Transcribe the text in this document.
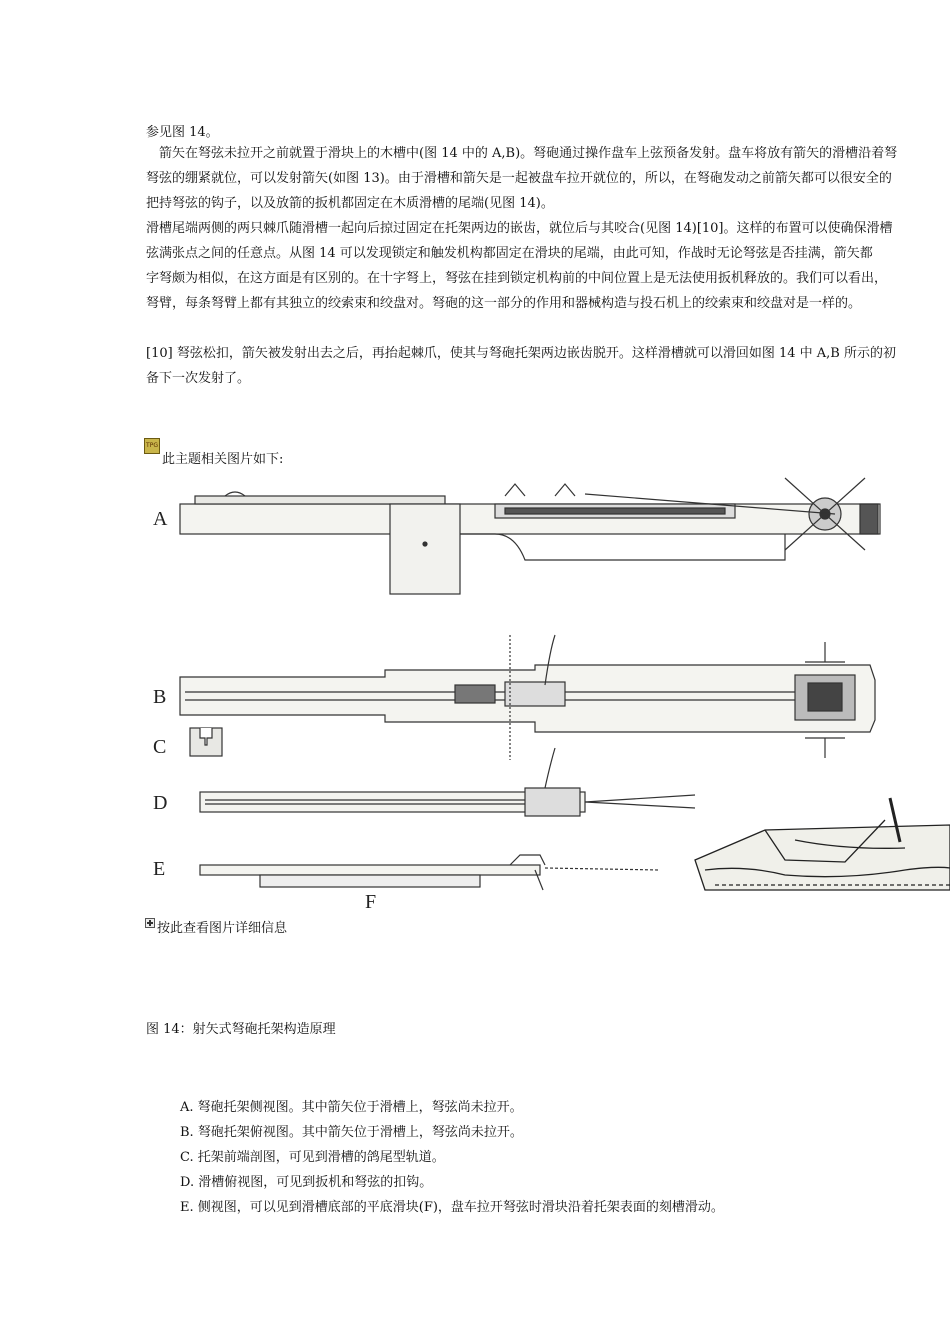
参见图 14。
　箭矢在弩弦未拉开之前就置于滑块上的木槽中(图 14 中的 A,B)。弩砲通过操作盘车上弦预备发射。盘车将放有箭矢的滑槽沿着弩
弩弦的绷紧就位，可以发射箭矢(如图 13)。由于滑槽和箭矢是一起被盘车拉开就位的，所以，在弩砲发动之前箭矢都可以很安全的
把持弩弦的钩子，以及放箭的扳机都固定在木质滑槽的尾端(见图 14)。
滑槽尾端两侧的两只棘爪随滑槽一起向后掠过固定在托架两边的嵌齿，就位后与其咬合(见图 14)[10]。这样的布置可以使确保滑槽
弦满张点之间的任意点。从图 14 可以发现锁定和触发机构都固定在滑块的尾端，由此可知，作战时无论弩弦是否挂满，箭矢都
字弩颇为相似，在这方面是有区别的。在十字弩上，弩弦在挂到锁定机构前的中间位置上是无法使用扳机释放的。我们可以看出，
弩臂，每条弩臂上都有其独立的绞索束和绞盘对。弩砲的这一部分的作用和器械构造与投石机上的绞索束和绞盘对是一样的。
[10] 弩弦松扣，箭矢被发射出去之后，再抬起棘爪，使其与弩砲托架两边嵌齿脱开。这样滑槽就可以滑回如图 14 中 A,B 所示的初
备下一次发射了。
TPG
此主题相关图片如下:
A
B
C
D
E
F
按此查看图片详细信息
图 14：射矢式弩砲托架构造原理
A. 弩砲托架侧视图。其中箭矢位于滑槽上，弩弦尚未拉开。
B. 弩砲托架俯视图。其中箭矢位于滑槽上，弩弦尚未拉开。
C. 托架前端剖图，可见到滑槽的鸽尾型轨道。
D. 滑槽俯视图，可见到扳机和弩弦的扣钩。
E. 侧视图，可以见到滑槽底部的平底滑块(F)，盘车拉开弩弦时滑块沿着托架表面的刻槽滑动。
